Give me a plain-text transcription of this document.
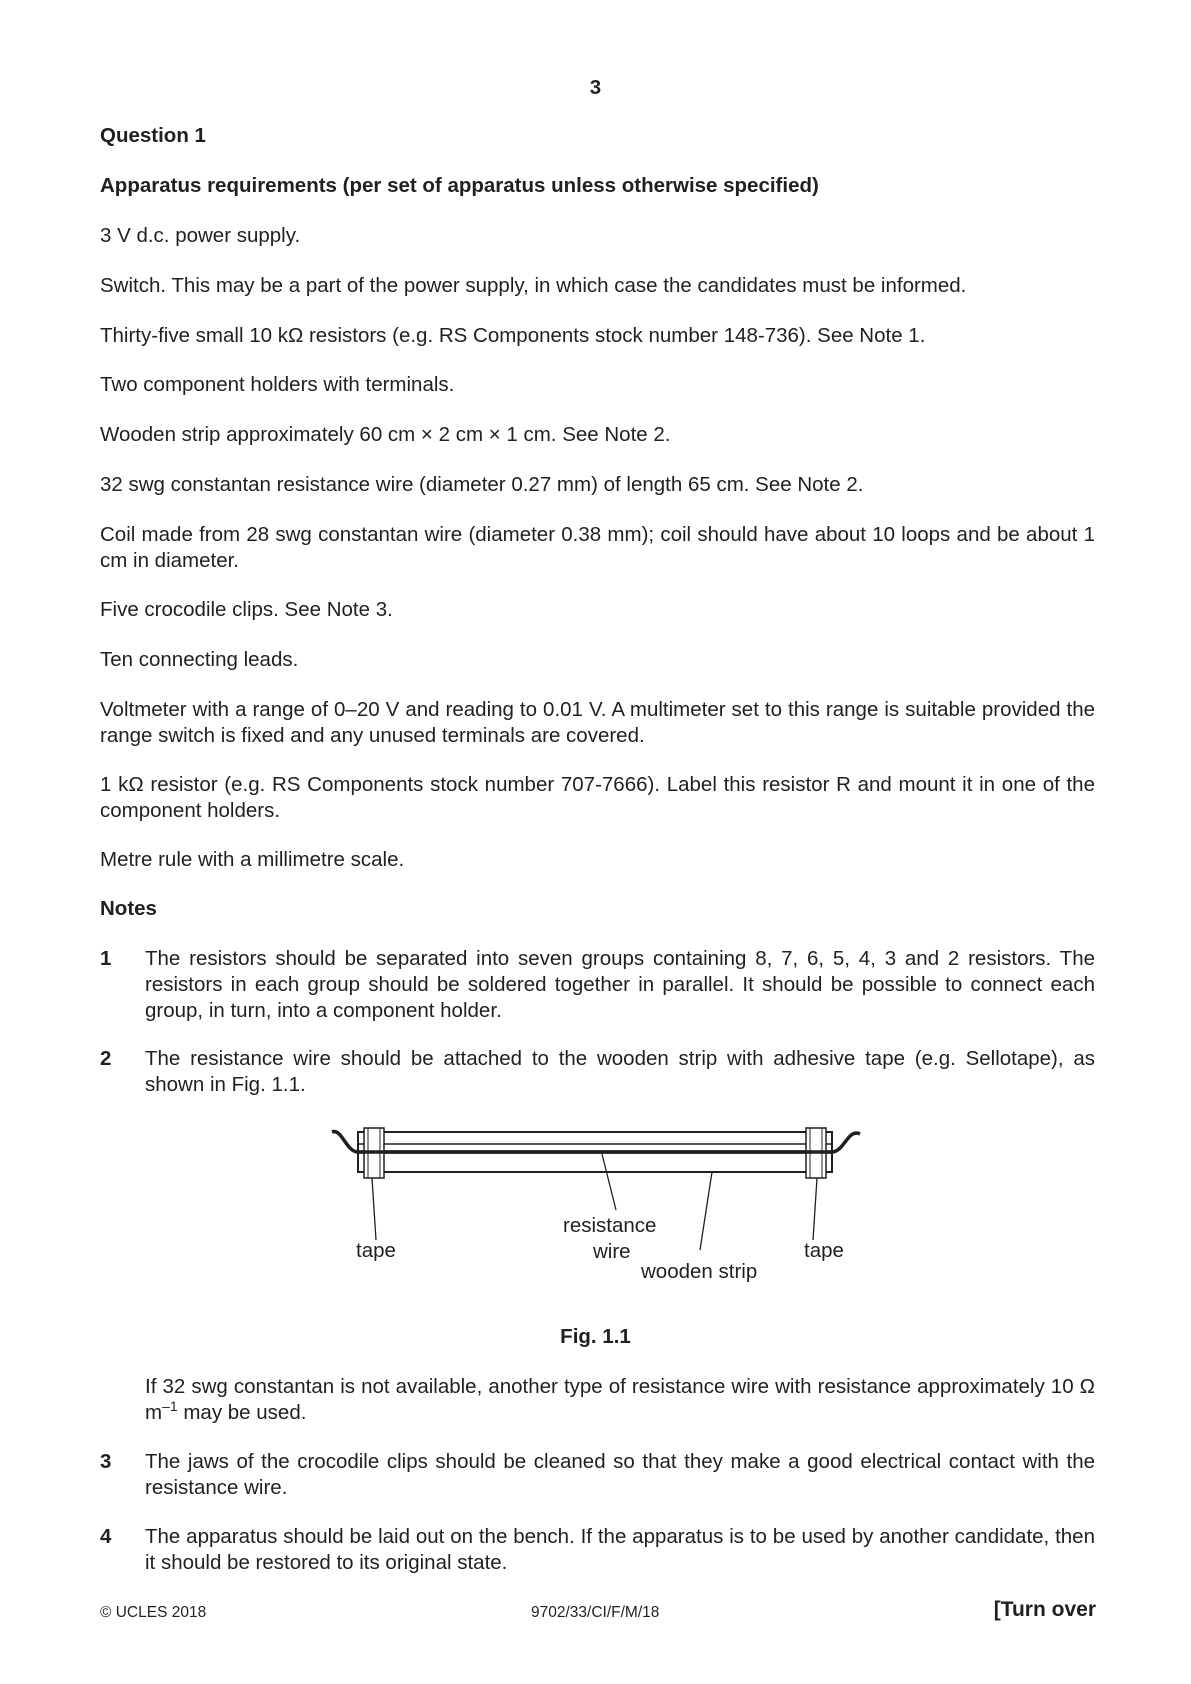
3

Question 1

Apparatus requirements (per set of apparatus unless otherwise specified)

3 V d.c. power supply.

Switch. This may be a part of the power supply, in which case the candidates must be informed.

Thirty-five small 10 kΩ resistors (e.g. RS Components stock number 148-736). See Note 1.

Two component holders with terminals.

Wooden strip approximately 60 cm × 2 cm × 1 cm. See Note 2.

32 swg constantan resistance wire (diameter 0.27 mm) of length 65 cm. See Note 2.

Coil made from 28 swg constantan wire (diameter 0.38 mm); coil should have about 10 loops and be about 1 cm in diameter.

Five crocodile clips. See Note 3.

Ten connecting leads.

Voltmeter with a range of 0–20 V and reading to 0.01 V. A multimeter set to this range is suitable provided the range switch is fixed and any unused terminals are covered.

1 kΩ resistor (e.g. RS Components stock number 707-7666). Label this resistor R and mount it in one of the component holders.

Metre rule with a millimetre scale.

Notes

1 The resistors should be separated into seven groups containing 8, 7, 6, 5, 4, 3 and 2 resistors. The resistors in each group should be soldered together in parallel. It should be possible to connect each group, in turn, into a component holder.

2 The resistance wire should be attached to the wooden strip with adhesive tape (e.g. Sellotape), as shown in Fig. 1.1.

tape
resistance
wire
wooden strip
tape
Fig. 1.1

If 32 swg constantan is not available, another type of resistance wire with resistance approximately 10 Ω $m^{-1}$ may be used.

3 The jaws of the crocodile clips should be cleaned so that they make a good electrical contact with the resistance wire.

4 The apparatus should be laid out on the bench. If the apparatus is to be used by another candidate, then it should be restored to its original state.

© UCLES 2018	9702/33/CI/F/M/18	[Turn over
